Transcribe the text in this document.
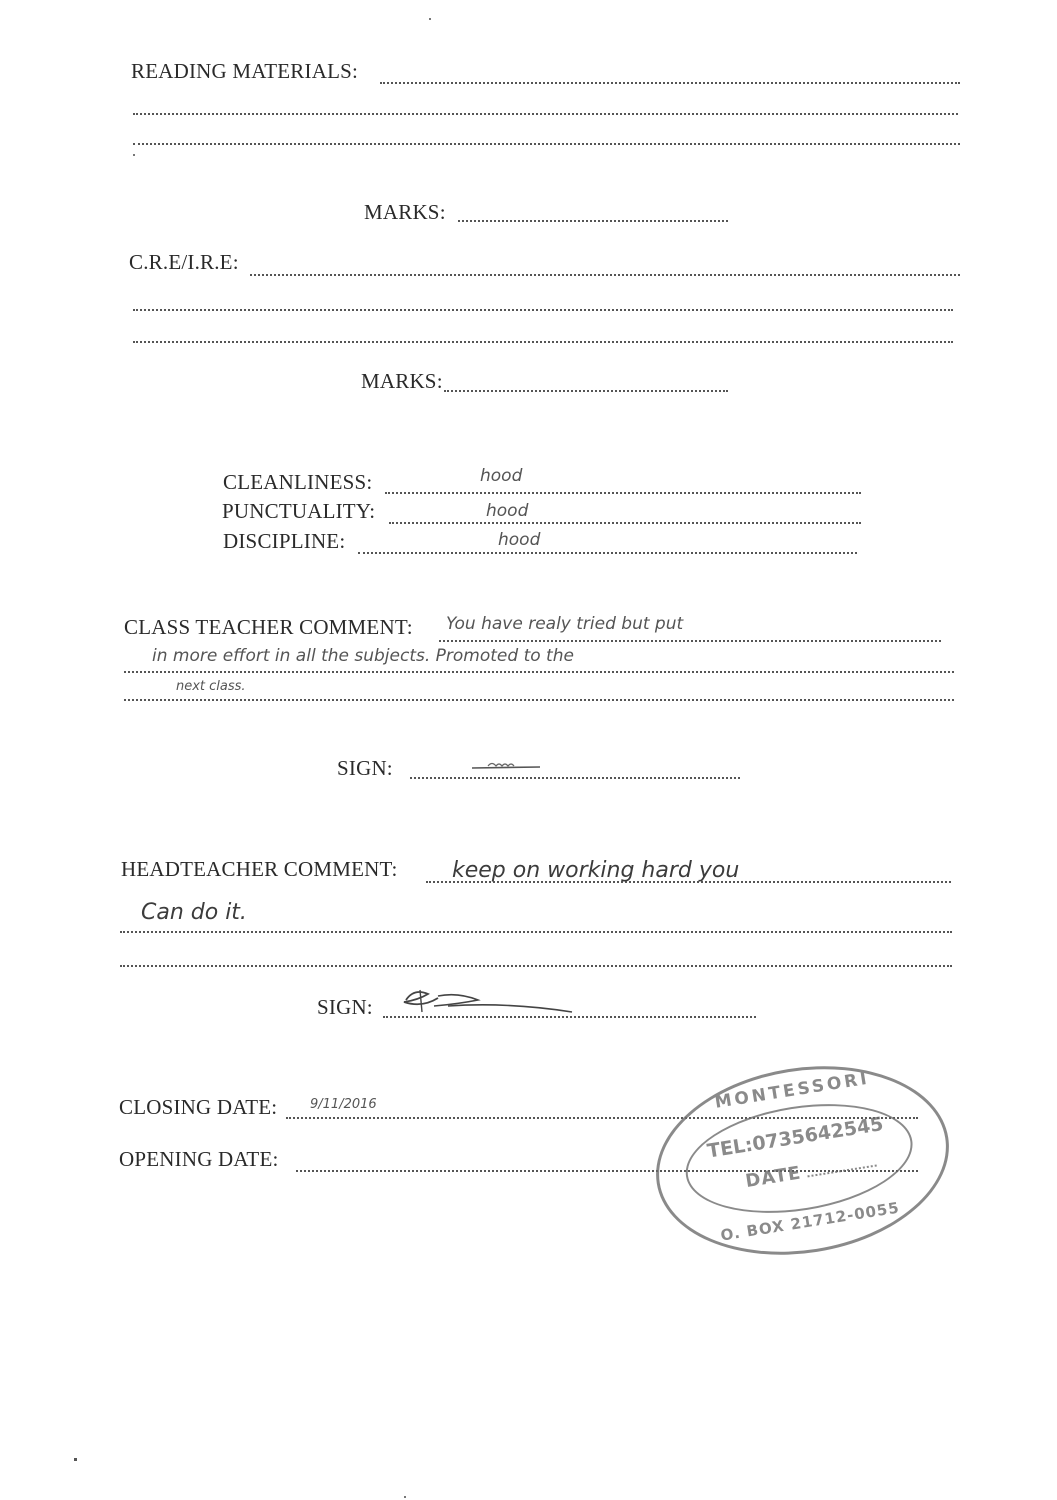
READING MATERIALS:
MARKS:
C.R.E/I.R.E:
MARKS:
CLEANLINESS:	hood
PUNCTUALITY:	hood
DISCIPLINE:	hood
CLASS TEACHER COMMENT: You have realy tried but put
in more effort in all the subjects. Promoted to the
next class.
SIGN:
HEADTEACHER COMMENT: keep on working hard you
Can do it.
SIGN:
CLOSING DATE:	9/11/2016
OPENING DATE:
MONTESSORI
TEL:0735642545
DATE
O. BOX 21712-0055
